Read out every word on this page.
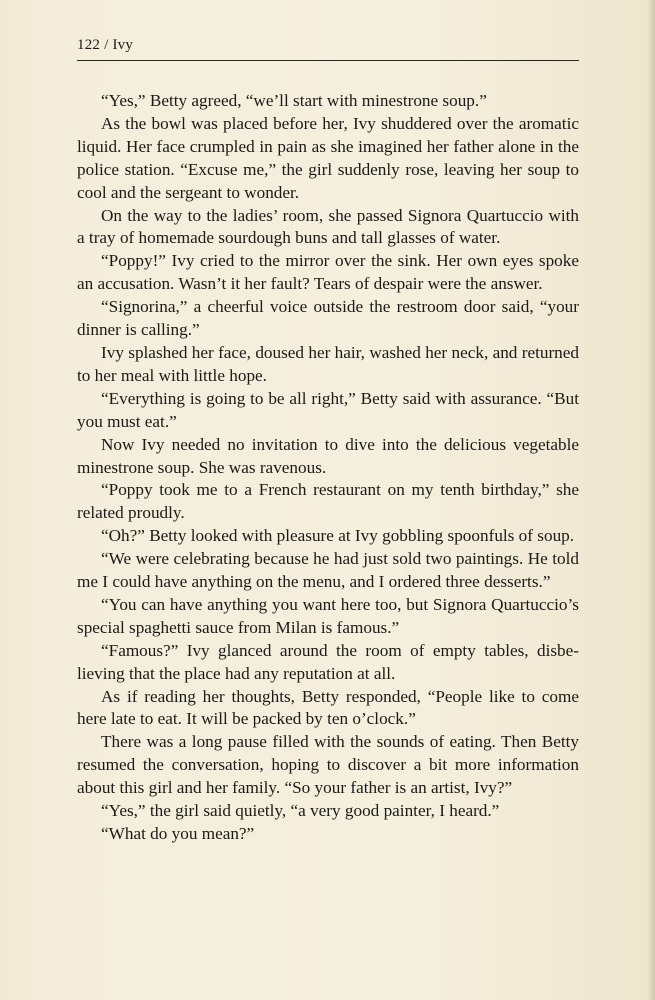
122 / Ivy

“Yes,” Betty agreed, “we’ll start with minestrone soup.”

As the bowl was placed before her, Ivy shuddered over the aromatic liquid. Her face crumpled in pain as she imagined her father alone in the police station. “Excuse me,” the girl suddenly rose, leaving her soup to cool and the sergeant to wonder.

On the way to the ladies’ room, she passed Signora Quartuccio with a tray of homemade sourdough buns and tall glasses of water.

“Poppy!” Ivy cried to the mirror over the sink. Her own eyes spoke an accusation. Wasn’t it her fault? Tears of despair were the answer.

“Signorina,” a cheerful voice outside the restroom door said, “your dinner is calling.”

Ivy splashed her face, doused her hair, washed her neck, and returned to her meal with little hope.

“Everything is going to be all right,” Betty said with assurance. “But you must eat.”

Now Ivy needed no invitation to dive into the delicious vegetable minestrone soup. She was ravenous.

“Poppy took me to a French restaurant on my tenth birthday,” she related proudly.

“Oh?” Betty looked with pleasure at Ivy gobbling spoonfuls of soup.

“We were celebrating because he had just sold two paintings. He told me I could have anything on the menu, and I ordered three desserts.”

“You can have anything you want here too, but Signora Quartuccio’s special spaghetti sauce from Milan is famous.”

“Famous?” Ivy glanced around the room of empty tables, disbelieving that the place had any reputation at all.

As if reading her thoughts, Betty responded, “People like to come here late to eat. It will be packed by ten o’clock.”

There was a long pause filled with the sounds of eating. Then Betty resumed the conversation, hoping to discover a bit more information about this girl and her family. “So your father is an artist, Ivy?”

“Yes,” the girl said quietly, “a very good painter, I heard.”

“What do you mean?”
